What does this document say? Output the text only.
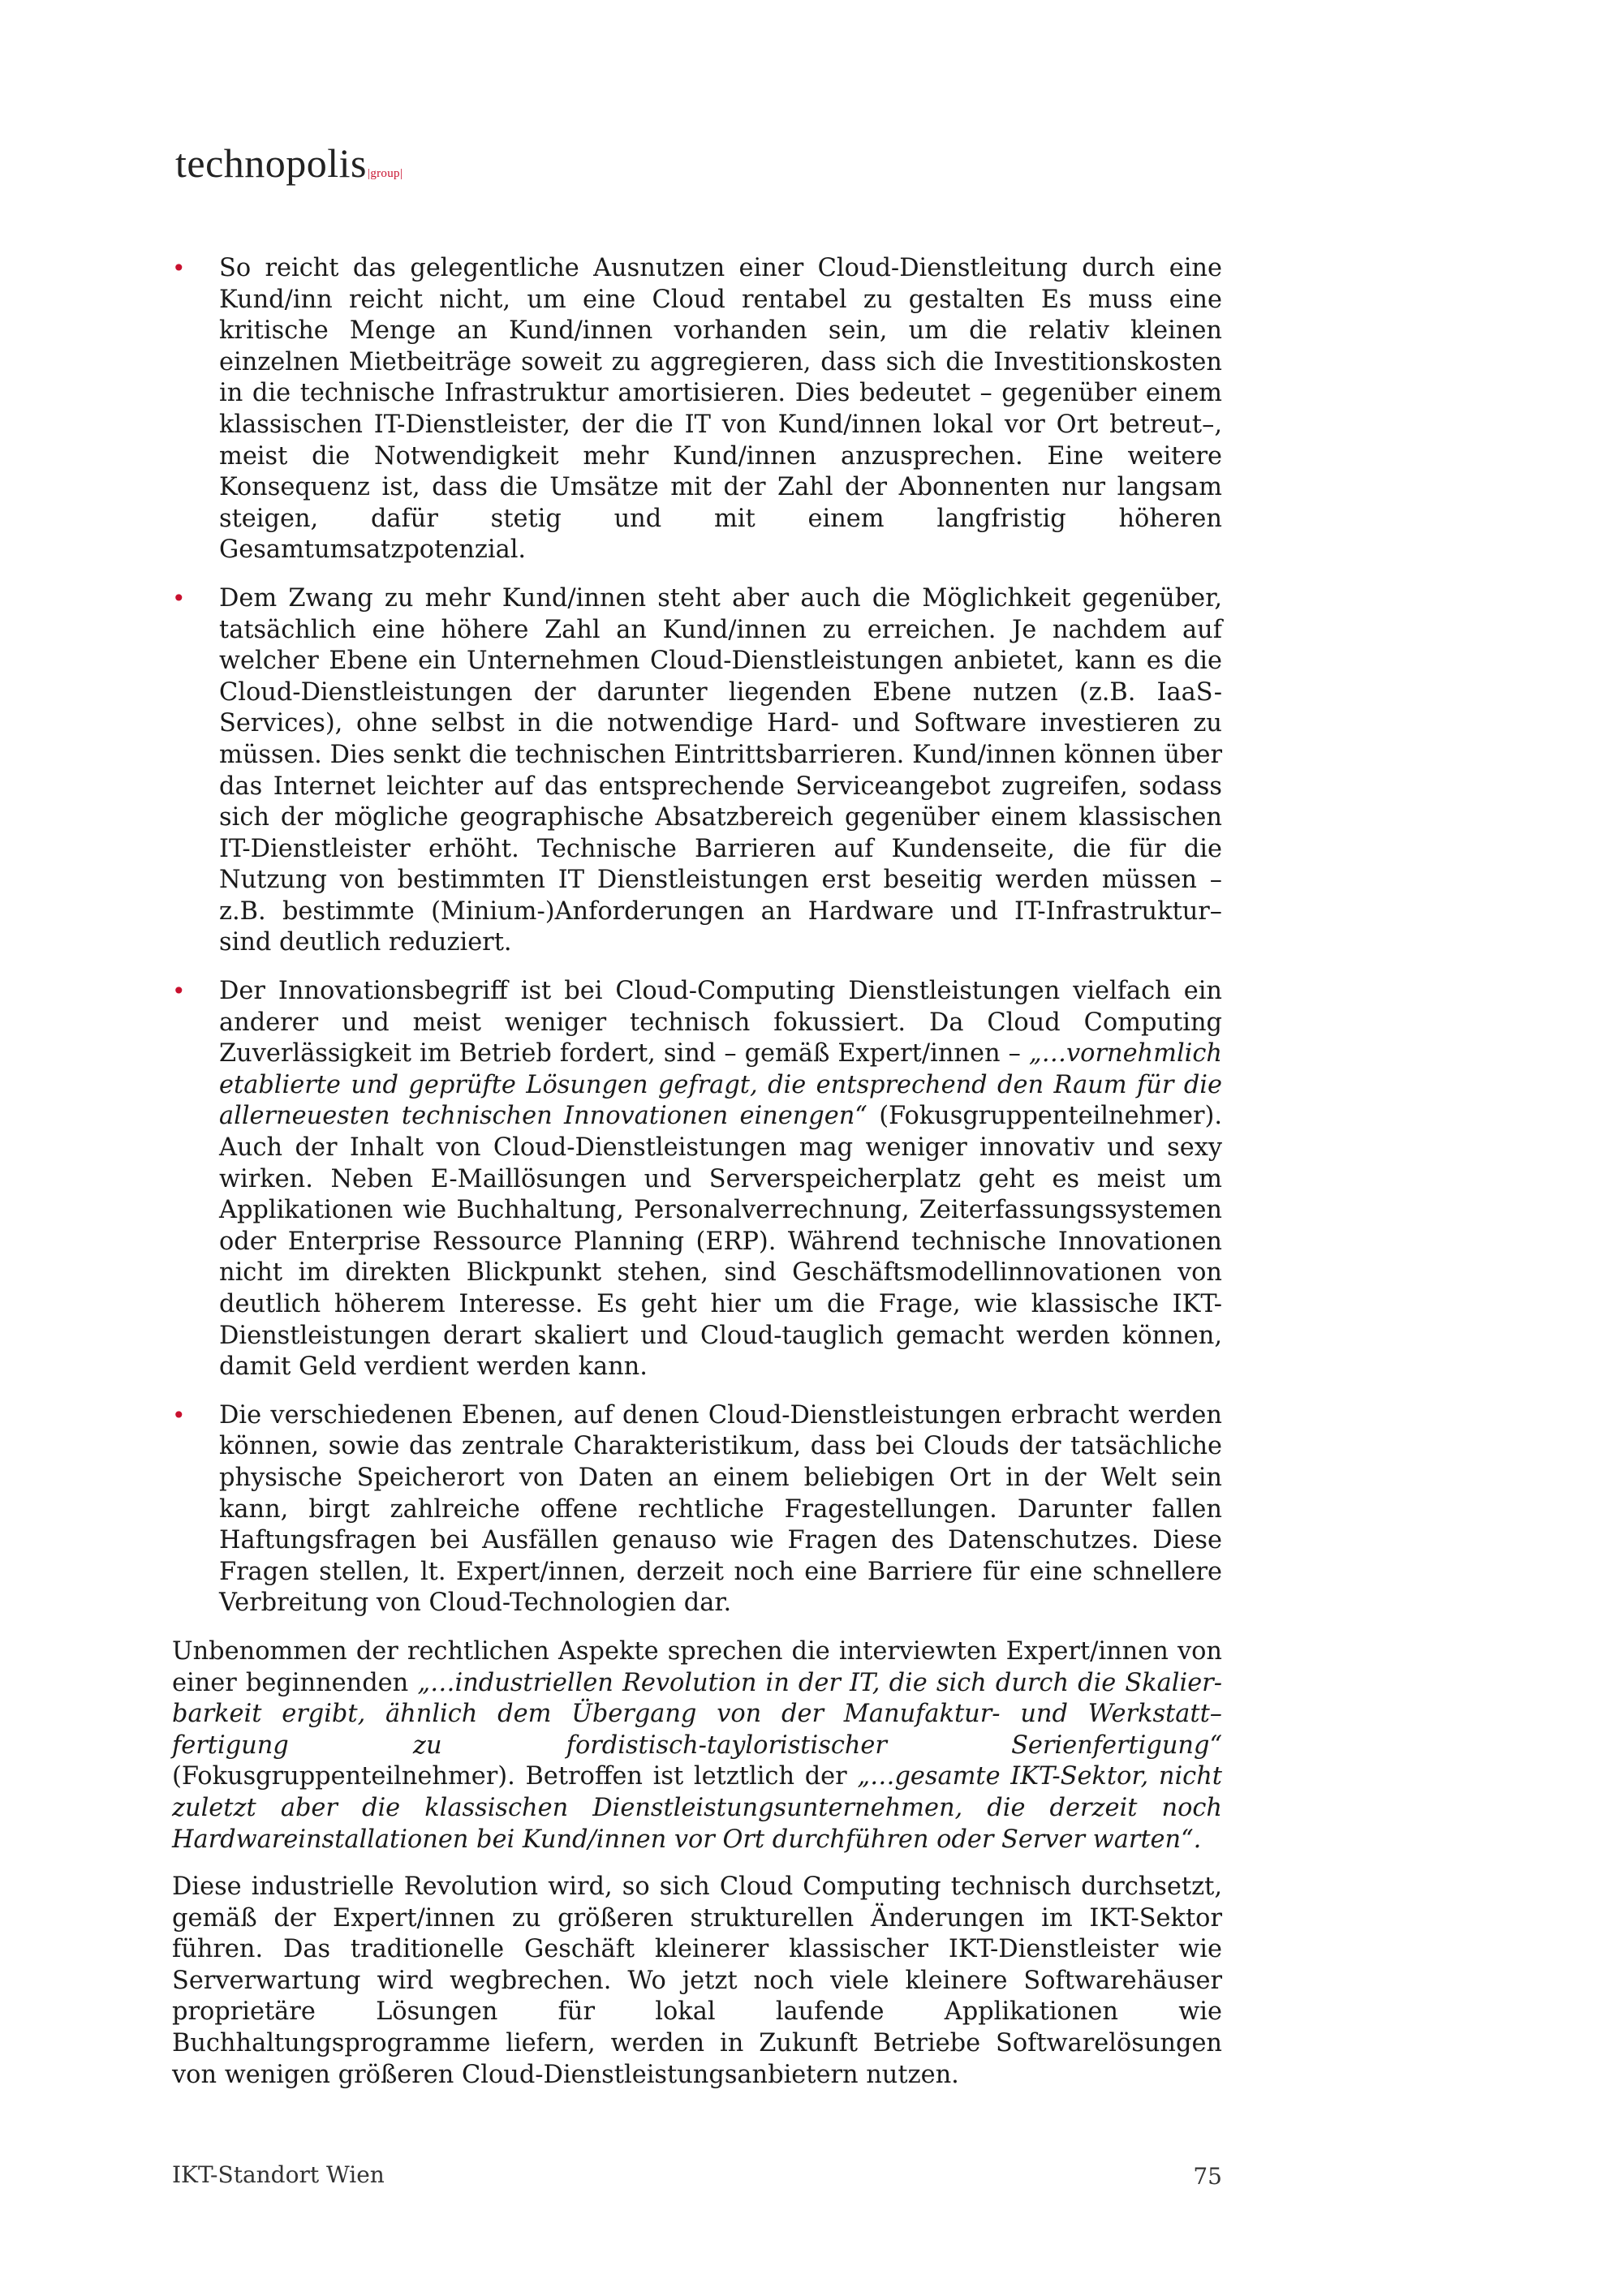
technopolis|group|
• So reicht das gelegentliche Ausnutzen einer Cloud-Dienstleitung durch eine Kund/inn reicht nicht, um eine Cloud rentabel zu gestalten Es muss eine kritische Menge an Kund/innen vorhanden sein, um die relativ kleinen einzelnen Mietbeiträge soweit zu aggregieren, dass sich die Investitionskosten in die technische Infrastruktur amortisieren. Dies bedeutet – gegenüber einem klassischen IT-Dienstleister, der die IT von Kund/innen lokal vor Ort betreut–, meist die Notwendigkeit mehr Kund/innen anzusprechen. Eine weitere Konsequenz ist, dass die Umsätze mit der Zahl der Abonnenten nur langsam steigen, dafür stetig und mit einem langfristig höheren Gesamtumsatzpotenzial.
• Dem Zwang zu mehr Kund/innen steht aber auch die Möglichkeit gegenüber, tatsächlich eine höhere Zahl an Kund/innen zu erreichen. Je nachdem auf welcher Ebene ein Unternehmen Cloud-Dienstleistungen anbietet, kann es die Cloud-Dienstleistungen der darunter liegenden Ebene nutzen (z.B. IaaS-Services), ohne selbst in die notwendige Hard- und Software investieren zu müssen. Dies senkt die technischen Eintrittsbarrieren. Kund/innen können über das Internet leichter auf das entsprechende Serviceangebot zugreifen, sodass sich der mögliche geographische Absatzbereich gegenüber einem klassischen IT-Dienstleister erhöht. Technische Barrieren auf Kundenseite, die für die Nutzung von bestimmten IT Dienstleistungen erst beseitig werden müssen – z.B. bestimmte (Minium-)Anforderungen an Hardware und IT-Infrastruktur– sind deutlich reduziert.
• Der Innovationsbegriff ist bei Cloud-Computing Dienstleistungen vielfach ein anderer und meist weniger technisch fokussiert. Da Cloud Computing Zuverlässigkeit im Betrieb fordert, sind – gemäß Expert/innen – „…vornehmlich etablierte und geprüfte Lösungen gefragt, die entsprechend den Raum für die allerneuesten technischen Innovationen einengen“ (Fokusgruppenteilnehmer). Auch der Inhalt von Cloud-Dienstleistungen mag weniger innovativ und sexy wirken. Neben E-Maillösungen und Serverspeicherplatz geht es meist um Applikationen wie Buchhaltung, Personalverrechnung, Zeiterfassungssystemen oder Enterprise Ressource Planning (ERP). Während technische Innovationen nicht im direkten Blickpunkt stehen, sind Geschäftsmodellinnovationen von deutlich höherem Interesse. Es geht hier um die Frage, wie klassische IKT-Dienstleistungen derart skaliert und Cloud-tauglich gemacht werden können, damit Geld verdient werden kann.
• Die verschiedenen Ebenen, auf denen Cloud-Dienstleistungen erbracht werden können, sowie das zentrale Charakteristikum, dass bei Clouds der tatsächliche physische Speicherort von Daten an einem beliebigen Ort in der Welt sein kann, birgt zahlreiche offene rechtliche Fragestellungen. Darunter fallen Haftungsfragen bei Ausfällen genauso wie Fragen des Datenschutzes. Diese Fragen stellen, lt. Expert/innen, derzeit noch eine Barriere für eine schnellere Verbreitung von Cloud-Technologien dar.

Unbenommen der rechtlichen Aspekte sprechen die interviewten Expert/innen von einer beginnenden „…industriellen Revolution in der IT, die sich durch die Skalierbarkeit ergibt, ähnlich dem Übergang von der Manufaktur- und Werkstatt–fertigung zu fordistisch-tayloristischer Serienfertigung“ (Fokusgruppenteilnehmer). Betroffen ist letztlich der „…gesamte IKT-Sektor, nicht zuletzt aber die klassischen Dienstleistungsunternehmen, die derzeit noch Hardwareinstallationen bei Kund/innen vor Ort durchführen oder Server warten“.

Diese industrielle Revolution wird, so sich Cloud Computing technisch durchsetzt, gemäß der Expert/innen zu größeren strukturellen Änderungen im IKT-Sektor führen. Das traditionelle Geschäft kleinerer klassischer IKT-Dienstleister wie Serverwartung wird wegbrechen. Wo jetzt noch viele kleinere Softwarehäuser proprietäre Lösungen für lokal laufende Applikationen wie Buchhaltungsprogramme liefern, werden in Zukunft Betriebe Softwarelösungen von wenigen größeren Cloud-Dienstleistungsanbietern nutzen.

IKT-Standort Wien	75
